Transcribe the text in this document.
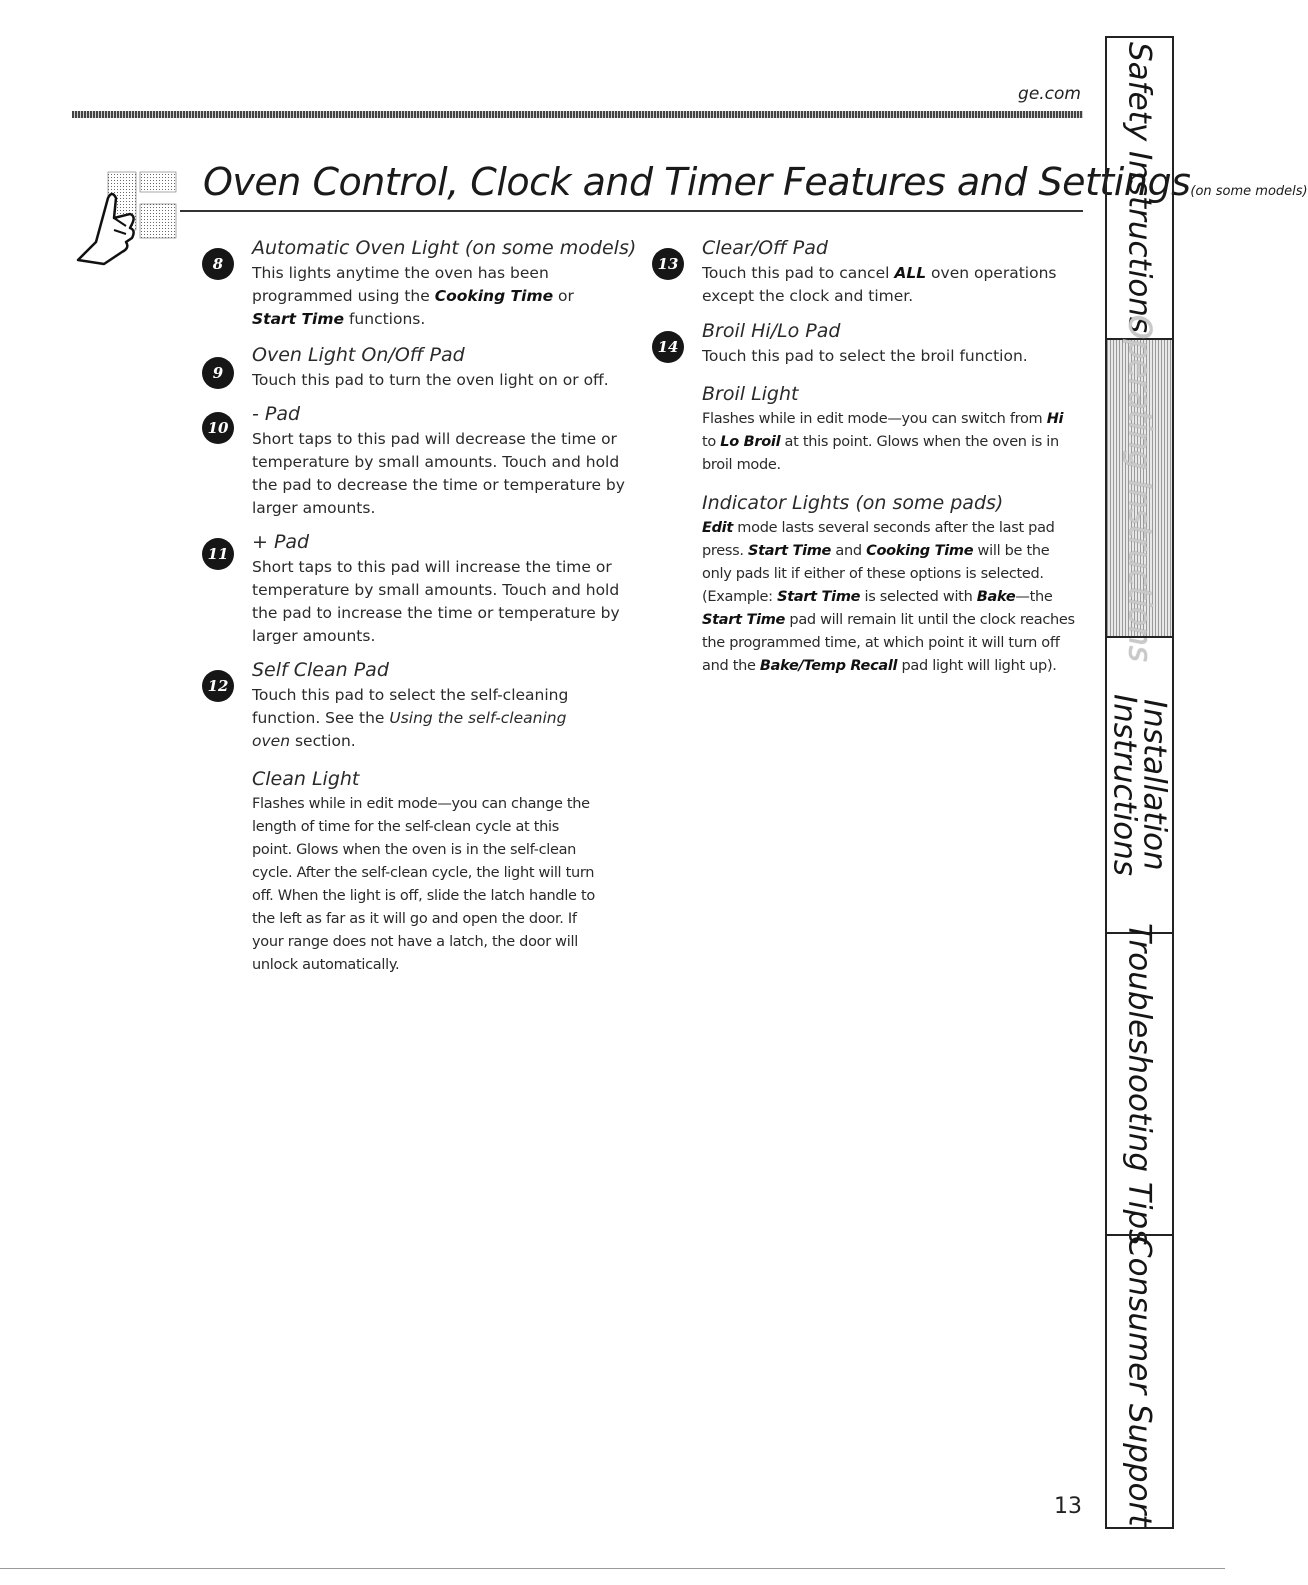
ge.com
Oven Control, Clock and Timer Features and Settings(on some models)
8

Automatic Oven Light (on some models)

This lights anytime the oven has been programmed using the Cooking Time or Start Time functions.

9

Oven Light On/Off Pad

Touch this pad to turn the oven light on or off.

10

- Pad

Short taps to this pad will decrease the time or temperature by small amounts. Touch and hold the pad to decrease the time or temperature by larger amounts.

11

+ Pad

Short taps to this pad will increase the time or temperature by small amounts. Touch and hold the pad to increase the time or temperature by larger amounts.

12

Self Clean Pad

Touch this pad to select the self-cleaning function. See the Using the self-cleaning oven section.

Clean Light

Flashes while in edit mode—you can change the length of time for the self-clean cycle at this point. Glows when the oven is in the self-clean cycle. After the self-clean cycle, the light will turn off. When the light is off, slide the latch handle to the left as far as it will go and open the door. If your range does not have a latch, the door will unlock automatically.

13

Clear/Off Pad

Touch this pad to cancel ALL oven operations except the clock and timer.

14

Broil Hi/Lo Pad

Touch this pad to select the broil function.

Broil Light

Flashes while in edit mode—you can switch from Hi to Lo Broil at this point. Glows when the oven is in broil mode.

Indicator Lights (on some pads)

Edit mode lasts several seconds after the last pad press. Start Time and Cooking Time will be the only pads lit if either of these options is selected. (Example: Start Time is selected with Bake—the Start Time pad will remain lit until the clock reaches the programmed time, at which point it will turn off and the Bake/Temp Recall pad light will light up).

Safety Instructions
Operating Instructions
Installation
Instructions
Troubleshooting Tips
Consumer Support
13
